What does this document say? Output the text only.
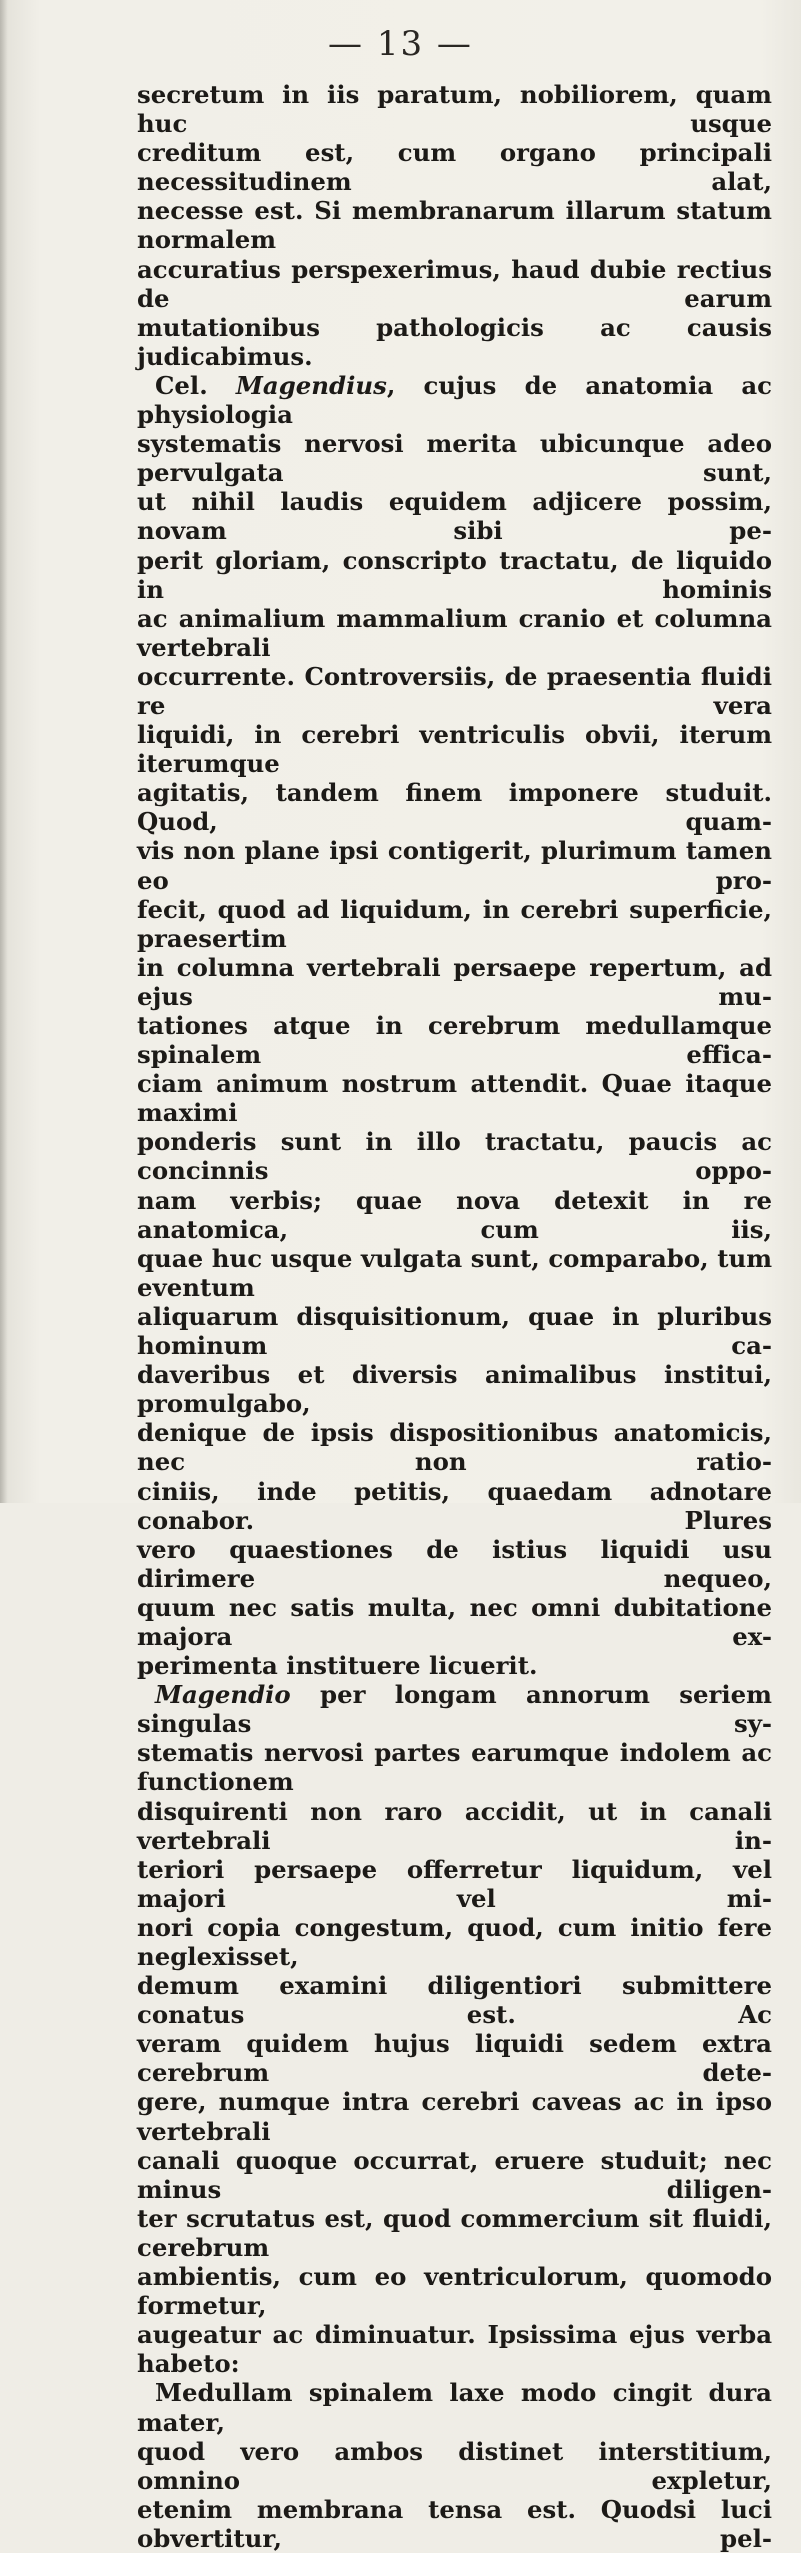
— 13 —

secretum in iis paratum, nobiliorem, quam huc usque

creditum est, cum organo principali necessitudinem alat,

necesse est. Si membranarum illarum statum normalem

accuratius perspexerimus, haud dubie rectius de earum

mutationibus pathologicis ac causis judicabimus.

Cel. Magendius, cujus de anatomia ac physiologia

systematis nervosi merita ubicunque adeo pervulgata sunt,

ut nihil laudis equidem adjicere possim, novam sibi pe-

perit gloriam, conscripto tractatu, de liquido in hominis

ac animalium mammalium cranio et columna vertebrali

occurrente. Controversiis, de praesentia fluidi re vera

liquidi, in cerebri ventriculis obvii, iterum iterumque

agitatis, tandem finem imponere studuit. Quod, quam-

vis non plane ipsi contigerit, plurimum tamen eo pro-

fecit, quod ad liquidum, in cerebri superficie, praesertim

in columna vertebrali persaepe repertum, ad ejus mu-

tationes atque in cerebrum medullamque spinalem effica-

ciam animum nostrum attendit. Quae itaque maximi

ponderis sunt in illo tractatu, paucis ac concinnis oppo-

nam verbis; quae nova detexit in re anatomica, cum iis,

quae huc usque vulgata sunt, comparabo, tum eventum

aliquarum disquisitionum, quae in pluribus hominum ca-

daveribus et diversis animalibus institui, promulgabo,

denique de ipsis dispositionibus anatomicis, nec non ratio-

ciniis, inde petitis, quaedam adnotare conabor. Plures

vero quaestiones de istius liquidi usu dirimere nequeo,

quum nec satis multa, nec omni dubitatione majora ex-

perimenta instituere licuerit.

Magendio per longam annorum seriem singulas sy-

stematis nervosi partes earumque indolem ac functionem

disquirenti non raro accidit, ut in canali vertebrali in-

teriori persaepe offerretur liquidum, vel majori vel mi-

nori copia congestum, quod, cum initio fere neglexisset,

demum examini diligentiori submittere conatus est. Ac

veram quidem hujus liquidi sedem extra cerebrum dete-

gere, numque intra cerebri caveas ac in ipso vertebrali

canali quoque occurrat, eruere studuit; nec minus diligen-

ter scrutatus est, quod commercium sit fluidi, cerebrum

ambientis, cum eo ventriculorum, quomodo formetur,

augeatur ac diminuatur. Ipsissima ejus verba habeto:

Medullam spinalem laxe modo cingit dura mater,

quod vero ambos distinet interstitium, omnino expletur,

etenim membrana tensa est. Quodsi luci obvertitur, pel-
